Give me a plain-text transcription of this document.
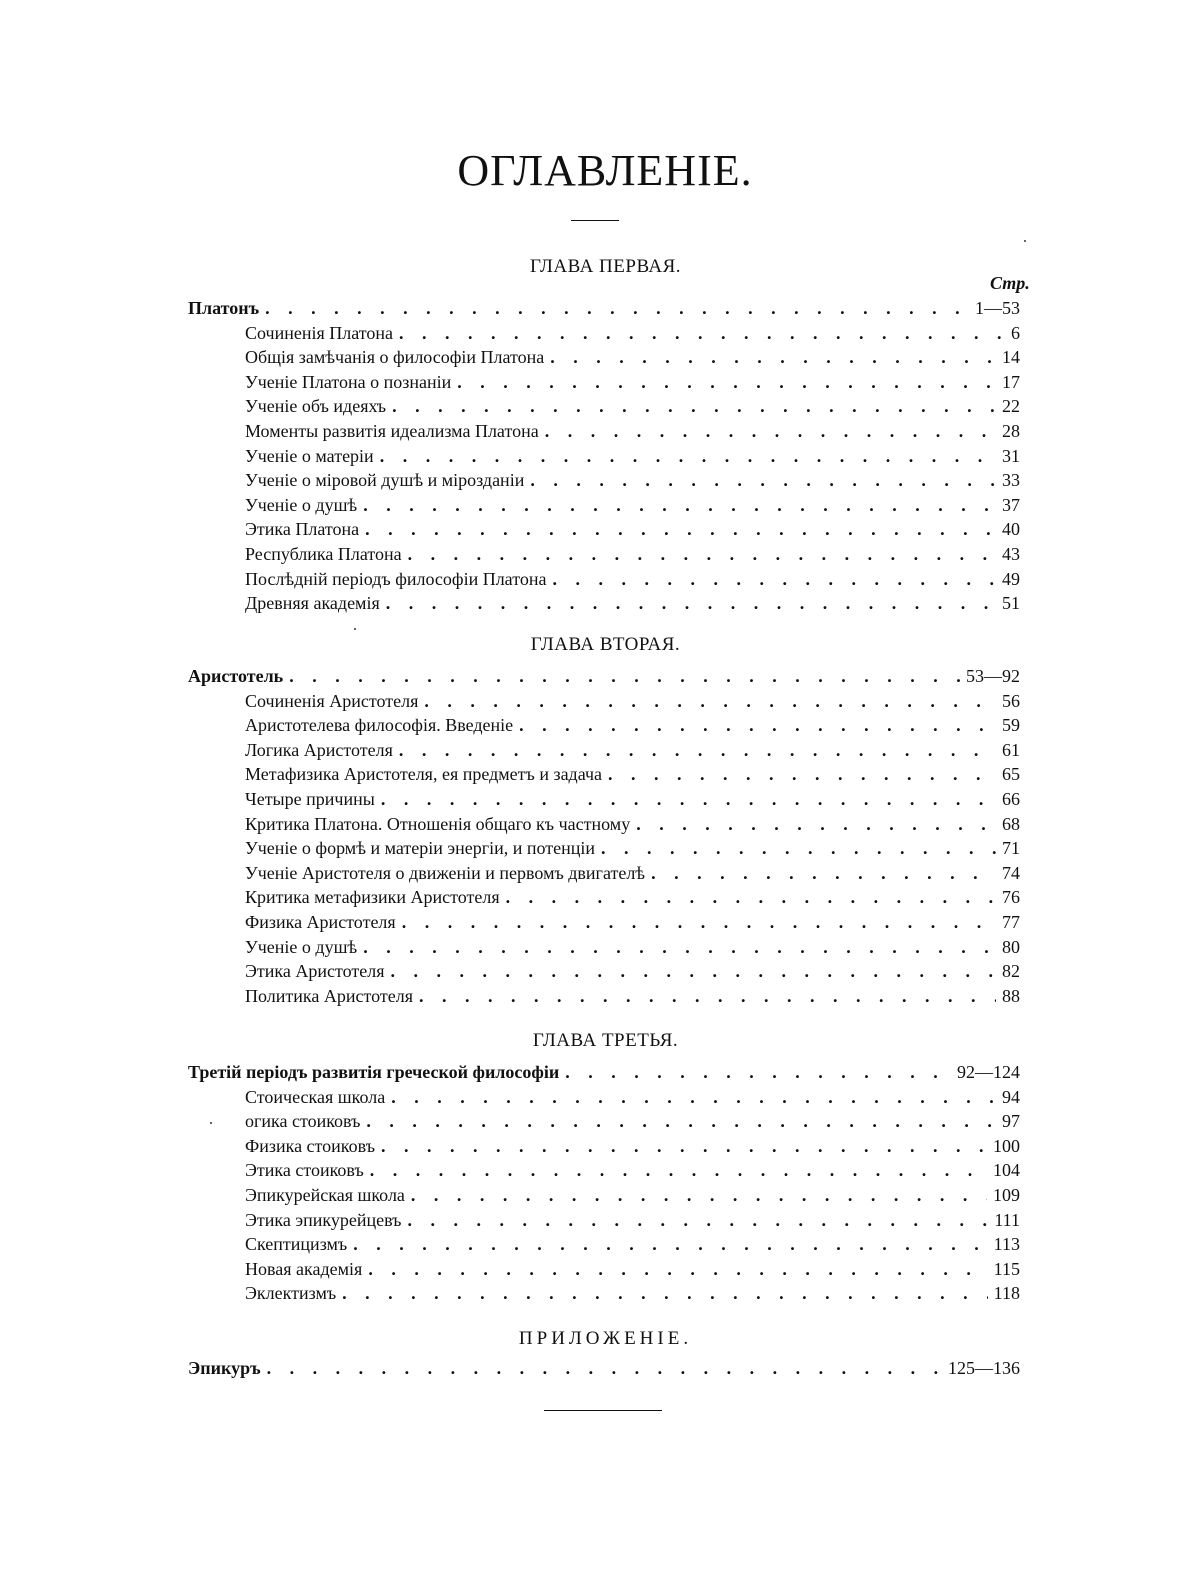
ОГЛАВЛЕНIЕ.
Стр.
ГЛАВА ПЕРВАЯ.
ГЛАВА ВТОРАЯ.
ГЛАВА ТРЕТЬЯ.
ПРИЛОЖЕНIЕ.
Платонъ . . .	1—53
Сочиненiя Платона . . .	6
Общiя замѣчанiя о философiи Платона . . .	14
Ученiе Платона о познанiи . . .	17
Ученiе объ идеяхъ . . .	22
Моменты развитiя идеализма Платона . . .	28
Ученiе о матерiи . . .	31
Ученiе о мiровой душѣ и мiрозданiи . . .	33
Ученiе о душѣ . . .	37
Этика Платона . . .	40
Республика Платона . . .	43
Послѣднiй перiодъ философiи Платона . . .	49
Древняя академiя . . .	51
Аристотель . . .	53—92
Сочиненiя Аристотеля . . .	56
Аристотелева философiя. Введенiе . . .	59
Логика Аристотеля . . .	61
Метафизика Аристотеля, ея предметъ и задача . . .	65
Четыре причины . . .	66
Критика Платона. Отношенiя общаго къ частному . . .	68
Ученiе о формѣ и матерiи энергiи, и потенцiи . . .	71
Ученiе Аристотеля о движенiи и первомъ двигателѣ . . .	74
Критика метафизики Аристотеля . . .	76
Физика Аристотеля . . .	77
Ученiе о душѣ . . .	80
Этика Аристотеля . . .	82
Политика Аристотеля . . .	88
Третiй перiодъ развитiя греческой философiи . . .	92—124
Стоическая школа . . .	94
огика стоиковъ . . .	97
Физика стоиковъ . . .	100
Этика стоиковъ . . .	104
Эпикурейская школа . . .	109
Этика эпикурейцевъ . . .	111
Скептицизмъ . . .	113
Новая академiя . . .	115
Эклектизмъ . . .	118
Эпикуръ . . .	125—136
